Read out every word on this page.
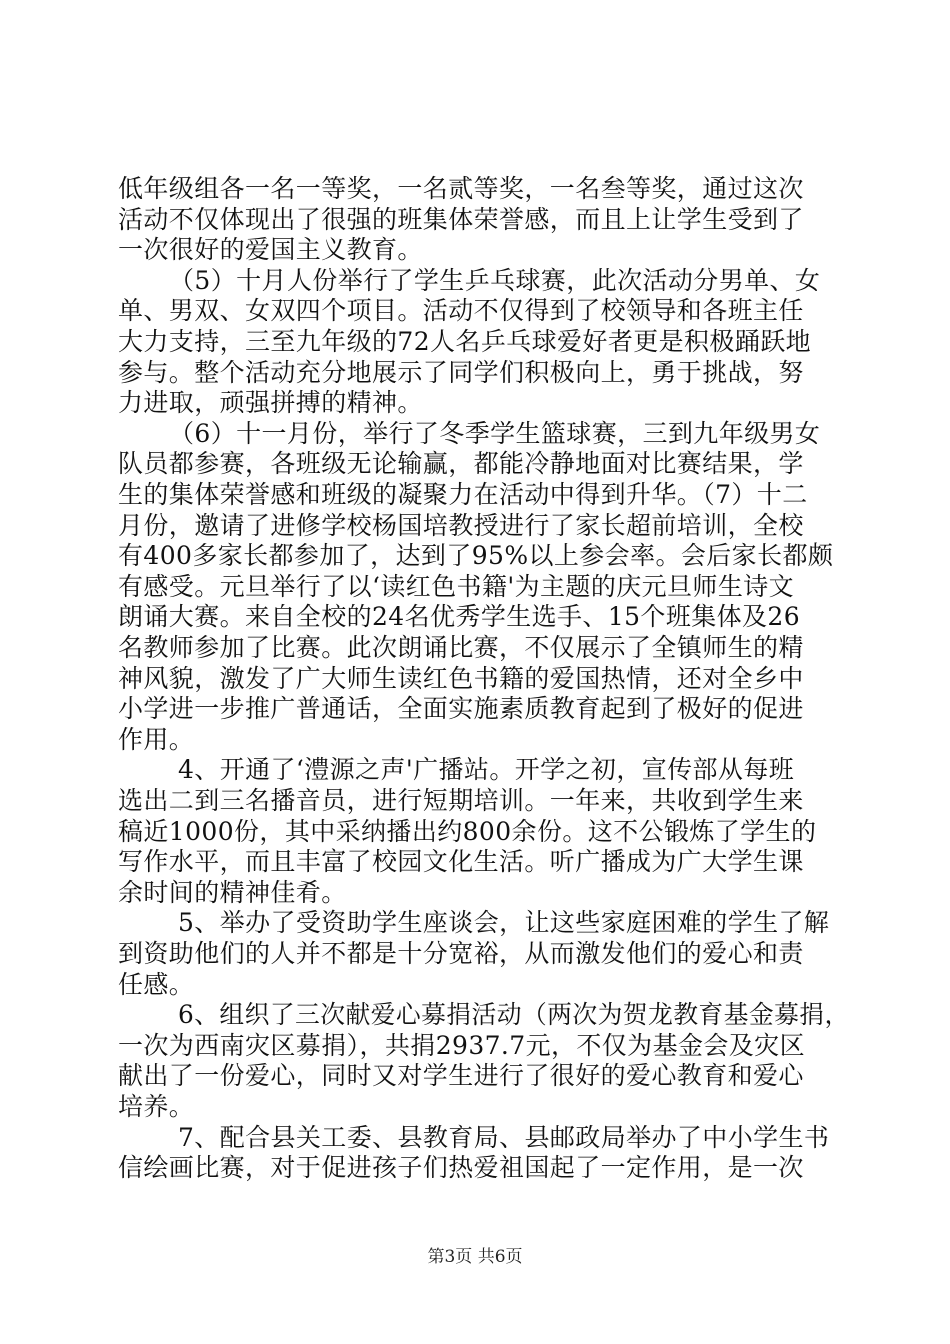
低年级组各一名一等奖，一名贰等奖，一名叁等奖，通过这次
活动不仅体现出了很强的班集体荣誉感，而且上让学生受到了
一次很好的爱国主义教育。
（5）十月人份举行了学生乒乓球赛，此次活动分男单、女
单、男双、女双四个项目。活动不仅得到了校领导和各班主任
大力支持，三至九年级的72人名乒乓球爱好者更是积极踊跃地
参与。整个活动充分地展示了同学们积极向上，勇于挑战，努
力进取，顽强拼搏的精神。
（6）十一月份，举行了冬季学生篮球赛，三到九年级男女
队员都参赛，各班级无论输赢，都能冷静地面对比赛结果，学
生的集体荣誉感和班级的凝聚力在活动中得到升华。（7）十二
月份，邀请了进修学校杨国培教授进行了家长超前培训，全校
有400多家长都参加了，达到了95%以上参会率。会后家长都颇
有感受。元旦举行了以‘读红色书籍'为主题的庆元旦师生诗文
朗诵大赛。来自全校的24名优秀学生选手、15个班集体及26
名教师参加了比赛。此次朗诵比赛，不仅展示了全镇师生的精
神风貌，激发了广大师生读红色书籍的爱国热情，还对全乡中
小学进一步推广普通话，全面实施素质教育起到了极好的促进
作用。
4、开通了‘澧源之声'广播站。开学之初，宣传部从每班
选出二到三名播音员，进行短期培训。一年来，共收到学生来
稿近1000份，其中采纳播出约800余份。这不公锻炼了学生的
写作水平，而且丰富了校园文化生活。听广播成为广大学生课
余时间的精神佳肴。
5、举办了受资助学生座谈会，让这些家庭困难的学生了解
到资助他们的人并不都是十分宽裕，从而激发他们的爱心和责
任感。
6、组织了三次献爱心募捐活动（两次为贺龙教育基金募捐，
一次为西南灾区募捐），共捐2937.7元，不仅为基金会及灾区
献出了一份爱心，同时又对学生进行了很好的爱心教育和爱心
培养。
7、配合县关工委、县教育局、县邮政局举办了中小学生书
信绘画比赛，对于促进孩子们热爱祖国起了一定作用，是一次
第3页 共6页
